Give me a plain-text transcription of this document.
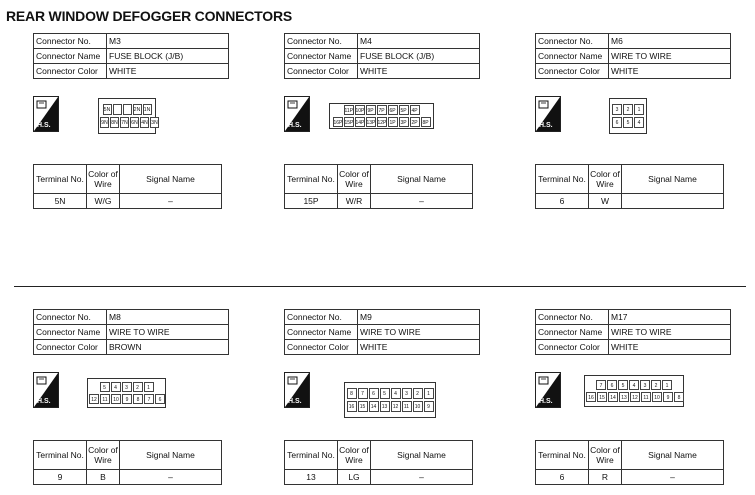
REAR WINDOW DEFOGGER CONNECTORS
Connector No.	M3
Connector Name	FUSE BLOCK (J/B)
Connector Color	WHITE
Terminal No.	Color of Wire	Signal Name
5N	W/G	–
H.S.
5N	2N 1N
9N 8N 7N 6N 4N 3N
Connector No.	M4
Connector Name	FUSE BLOCK (J/B)
Connector Color	WHITE
Terminal No.	Color of Wire	Signal Name
15P	W/R	–
H.S.
11P 10P 9P 7P 6P 5P 4P
16P 15P 14P 13P 12P 1P 3P 2P 8P
Connector No.	M6
Connector Name	WIRE TO WIRE
Connector Color	WHITE
Terminal No.	Color of Wire	Signal Name
6	W	
H.S.
3	2	1
6	5	4
Connector No.	M8
Connector Name	WIRE TO WIRE
Connector Color	BROWN
Terminal No.	Color of Wire	Signal Name
9	B	–
H.S.
5	4	3	2	1
12	11	10	9	8	7	6
Connector No.	M9
Connector Name	WIRE TO WIRE
Connector Color	WHITE
Terminal No.	Color of Wire	Signal Name
13	LG	–
H.S.
8	7	6	5	4	3	2	1
16	15	14	13	12	11	10	9
Connector No.	M17
Connector Name	WIRE TO WIRE
Connector Color	WHITE
Terminal No.	Color of Wire	Signal Name
6	R	–
H.S.
7	6	5	4	3	2	1
16	15	14	13	12	11	10	9	8
